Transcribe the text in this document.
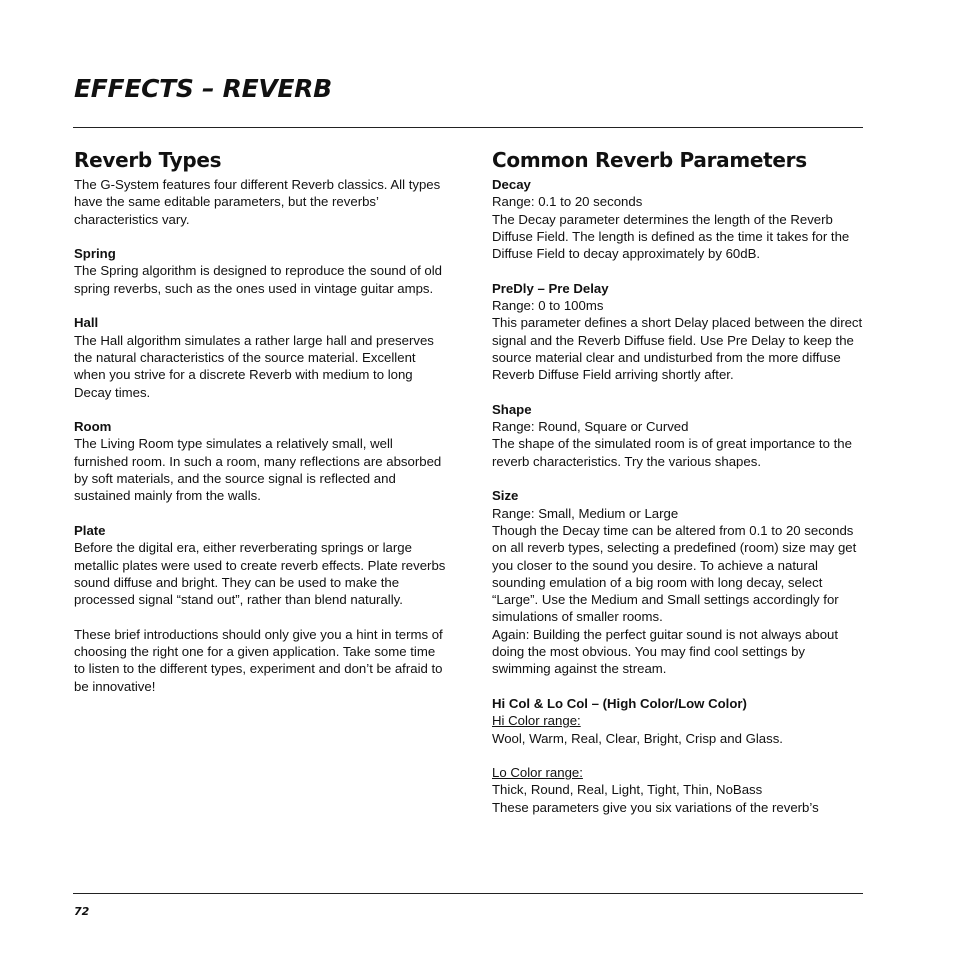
EFFECTS – REVERB
Reverb Types

The G-System features four different Reverb classics. All types have the same editable parameters, but the reverbs’ characteristics vary.

Spring
The Spring algorithm is designed to reproduce the sound of old spring reverbs, such as the ones used in vintage guitar amps.

Hall
The Hall algorithm simulates a rather large hall and preserves the natural characteristics of the source material. Excellent when you strive for a discrete Reverb with medium to long Decay times.

Room
The Living Room type simulates a relatively small, well furnished room. In such a room, many reflections are absorbed by soft materials, and the source signal is reflected and sustained mainly from the walls.

Plate
Before the digital era, either reverberating springs or large metallic plates were used to create reverb effects. Plate reverbs sound diffuse and bright. They can be used to make the processed signal “stand out”, rather than blend naturally.

These brief introductions should only give you a hint in terms of choosing the right one for a given application. Take some time to listen to the different types, experiment and don’t be afraid to be innovative!

Common Reverb Parameters

Decay
Range: 0.1 to 20 seconds
The Decay parameter determines the length of the Reverb Diffuse Field. The length is defined as the time it takes for the Diffuse Field to decay approximately by 60dB.

PreDly – Pre Delay
Range: 0 to 100ms
This parameter defines a short Delay placed between the direct signal and the Reverb Diffuse field. Use Pre Delay to keep the source material clear and undisturbed from the more diffuse Reverb Diffuse Field arriving shortly after.

Shape
Range: Round, Square or Curved
The shape of the simulated room is of great importance to the reverb characteristics. Try the various shapes.

Size
Range: Small, Medium or Large
Though the Decay time can be altered from 0.1 to 20 seconds on all reverb types, selecting a predefined (room) size may get you closer to the sound you desire. To achieve a natural sounding emulation of a big room with long decay, select “Large”. Use the Medium and Small settings accordingly for simulations of smaller rooms.
Again: Building the perfect guitar sound is not always about doing the most obvious. You may find cool settings by swimming against the stream.

Hi Col & Lo Col – (High Color/Low Color)
Hi Color range:
Wool, Warm, Real, Clear, Bright, Crisp and Glass.

Lo Color range:
Thick, Round, Real, Light, Tight, Thin, NoBass
These parameters give you six variations of the reverb’s

72
